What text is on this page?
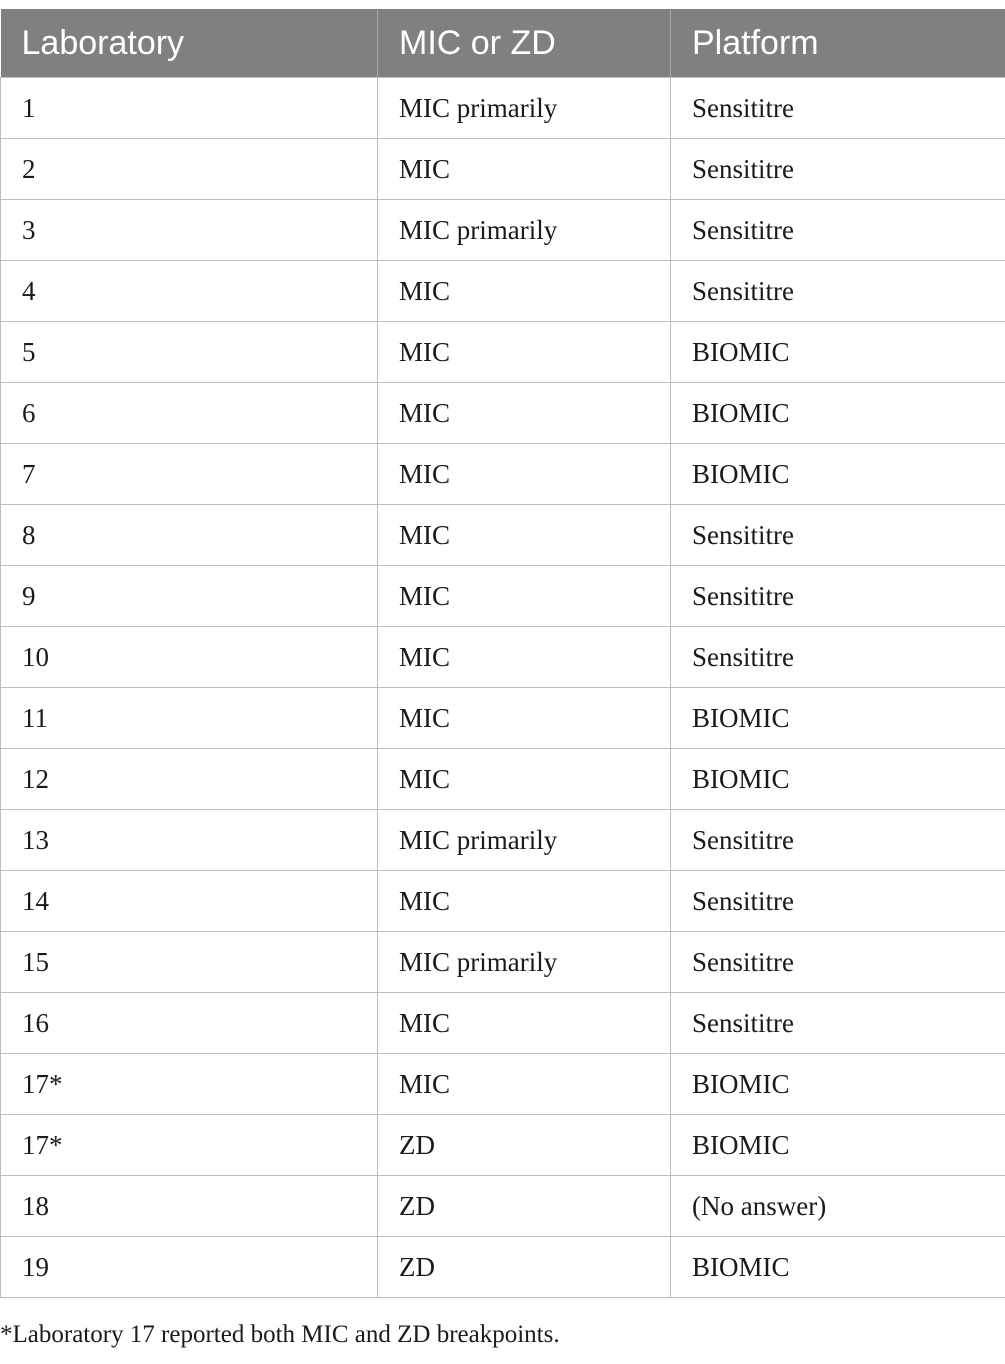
Laboratory	MIC or ZD	Platform
1	MIC primarily	Sensititre
2	MIC	Sensititre
3	MIC primarily	Sensititre
4	MIC	Sensititre
5	MIC	BIOMIC
6	MIC	BIOMIC
7	MIC	BIOMIC
8	MIC	Sensititre
9	MIC	Sensititre
10	MIC	Sensititre
11	MIC	BIOMIC
12	MIC	BIOMIC
13	MIC primarily	Sensititre
14	MIC	Sensititre
15	MIC primarily	Sensititre
16	MIC	Sensititre
17*	MIC	BIOMIC
17*	ZD	BIOMIC
18	ZD	(No answer)
19	ZD	BIOMIC
*Laboratory 17 reported both MIC and ZD breakpoints.
